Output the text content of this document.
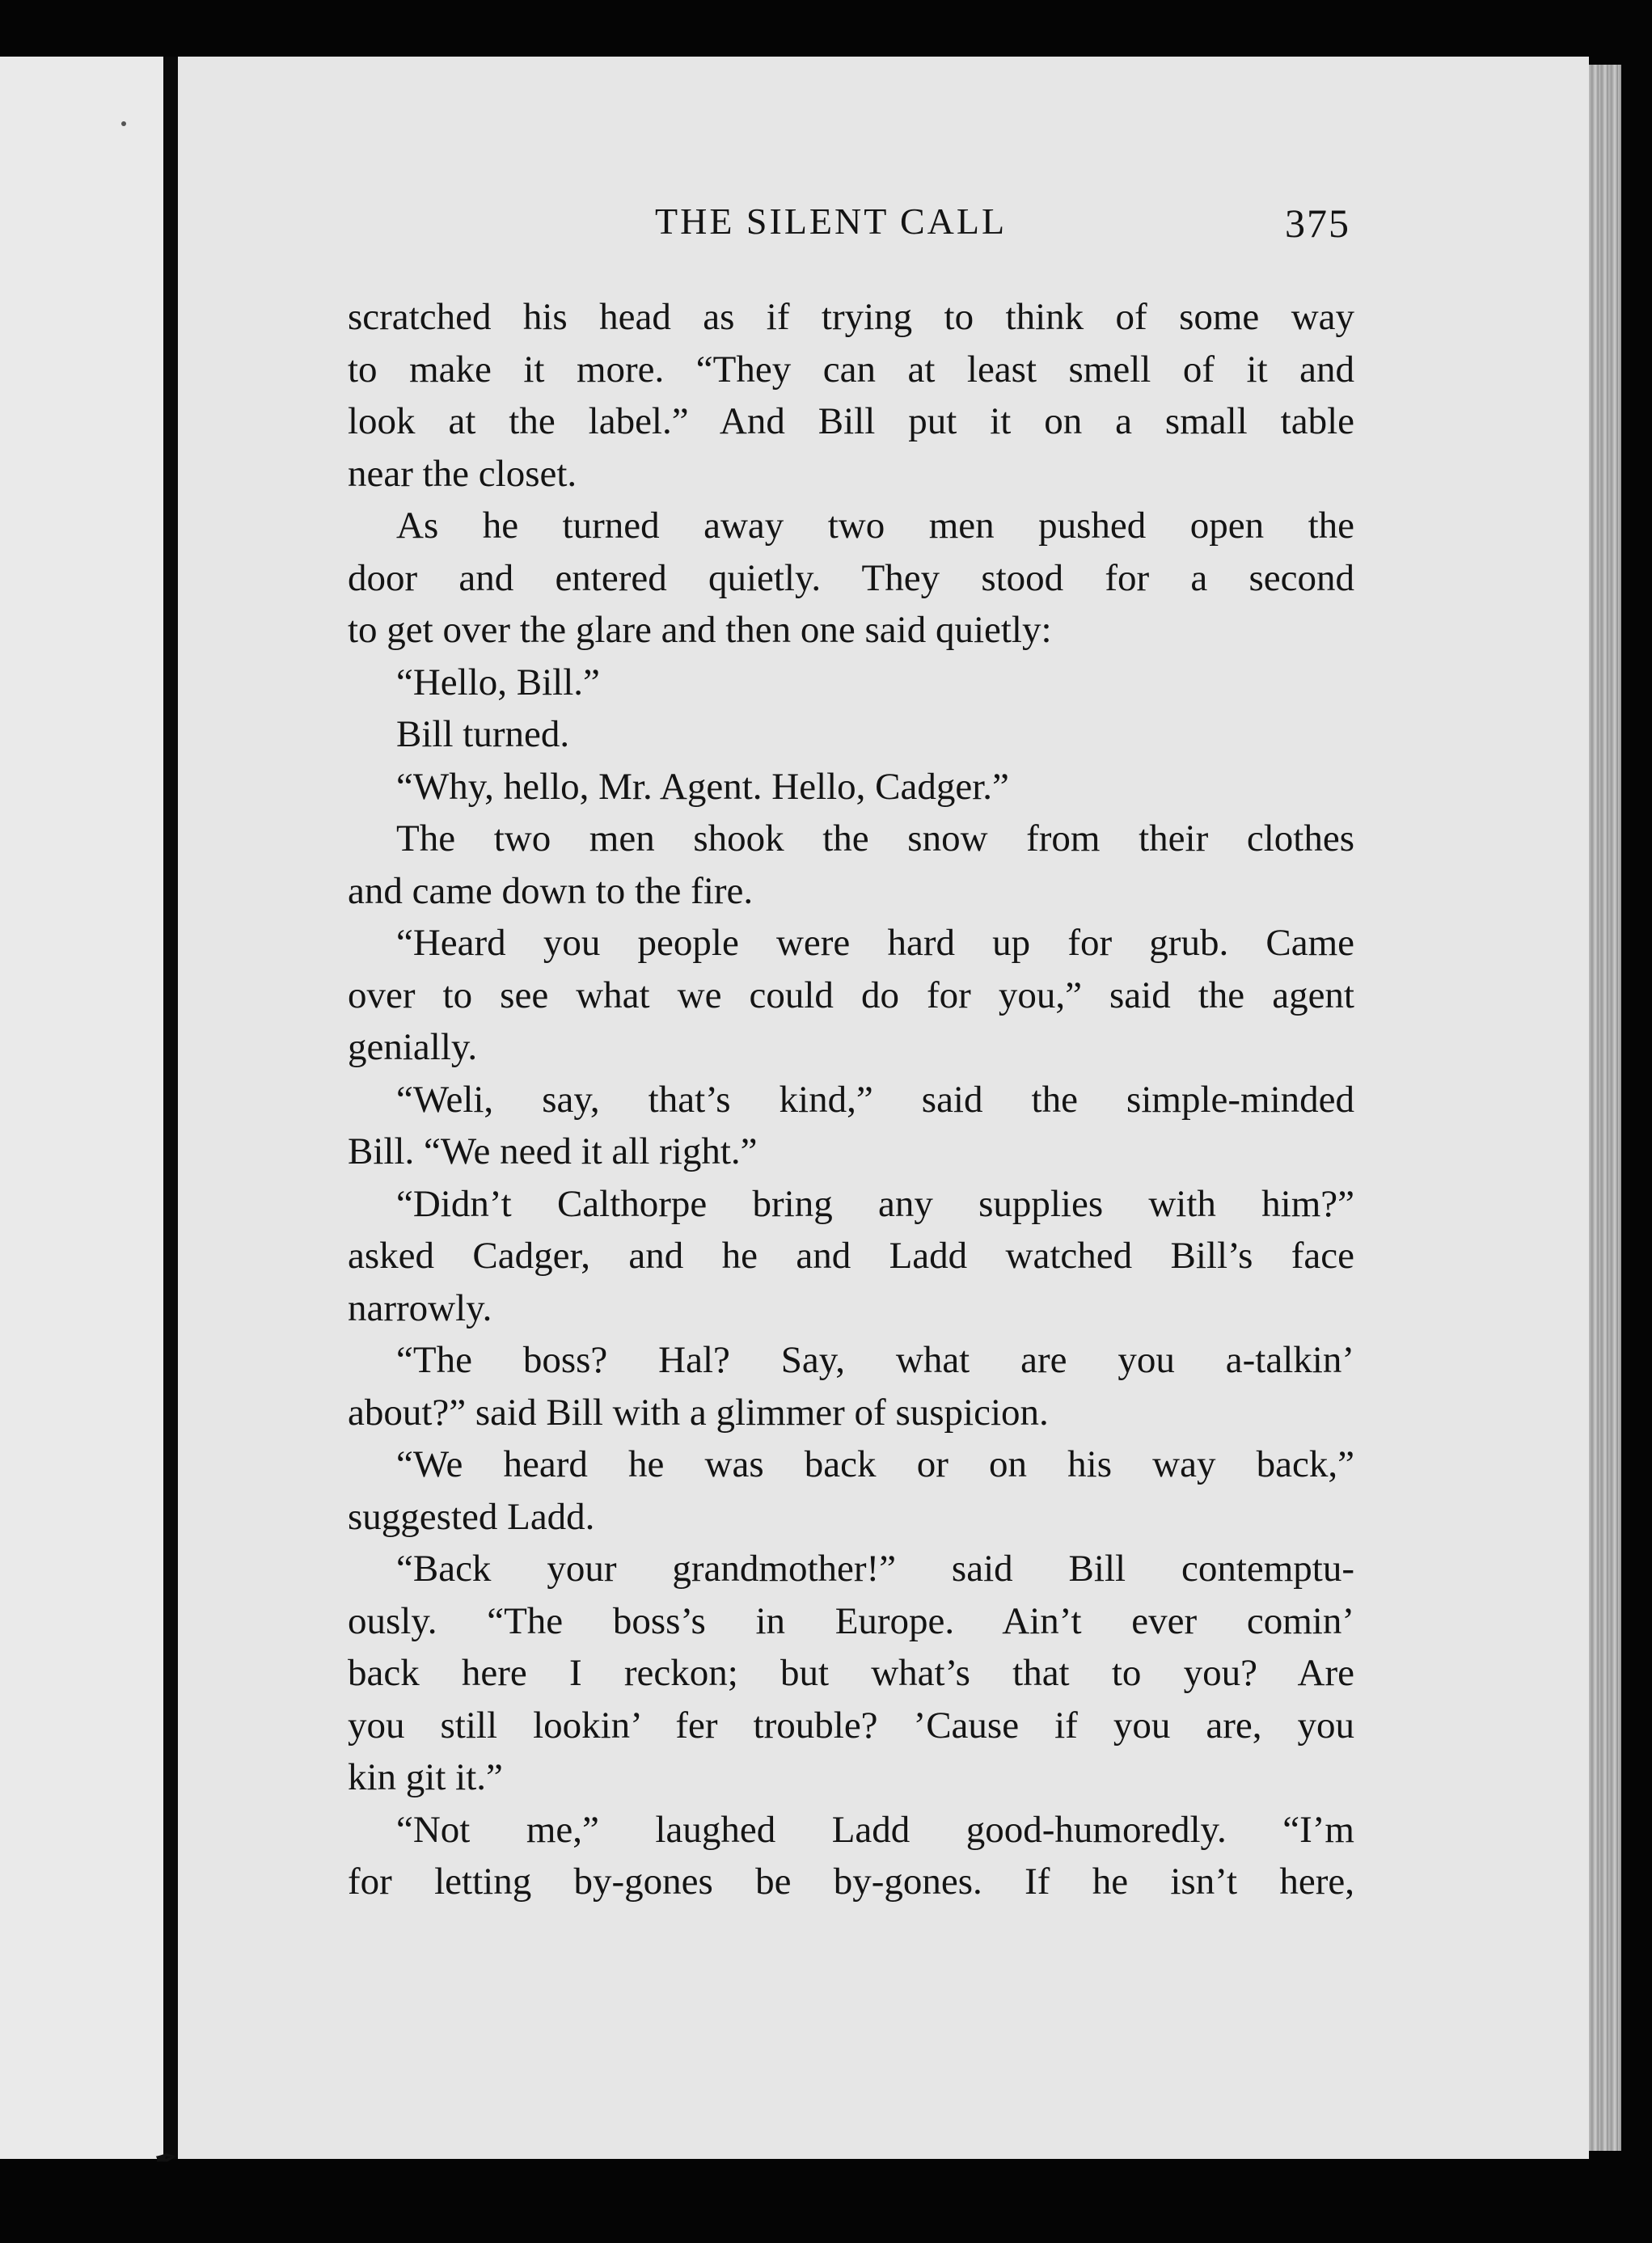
THE SILENT CALL	375
scratched his head as if trying to think of some way
to make it more. “They can at least smell of it and
look at the label.” And Bill put it on a small table
near the closet.
As he turned away two men pushed open the
door and entered quietly. They stood for a second
to get over the glare and then one said quietly:
“Hello, Bill.”
Bill turned.
“Why, hello, Mr. Agent. Hello, Cadger.”
The two men shook the snow from their clothes
and came down to the fire.
“Heard you people were hard up for grub. Came
over to see what we could do for you,” said the agent
genially.
“Weli, say, that’s kind,” said the simple-minded
Bill. “We need it all right.”
“Didn’t Calthorpe bring any supplies with him?”
asked Cadger, and he and Ladd watched Bill’s face
narrowly.
“The boss? Hal? Say, what are you a-talkin’
about?” said Bill with a glimmer of suspicion.
“We heard he was back or on his way back,”
suggested Ladd.
“Back your grandmother!” said Bill contemptu-
ously. “The boss’s in Europe. Ain’t ever comin’
back here I reckon; but what’s that to you? Are
you still lookin’ fer trouble? ’Cause if you are, you
kin git it.”
“Not me,” laughed Ladd good-humoredly. “I’m
for letting by-gones be by-gones. If he isn’t here,
✒
